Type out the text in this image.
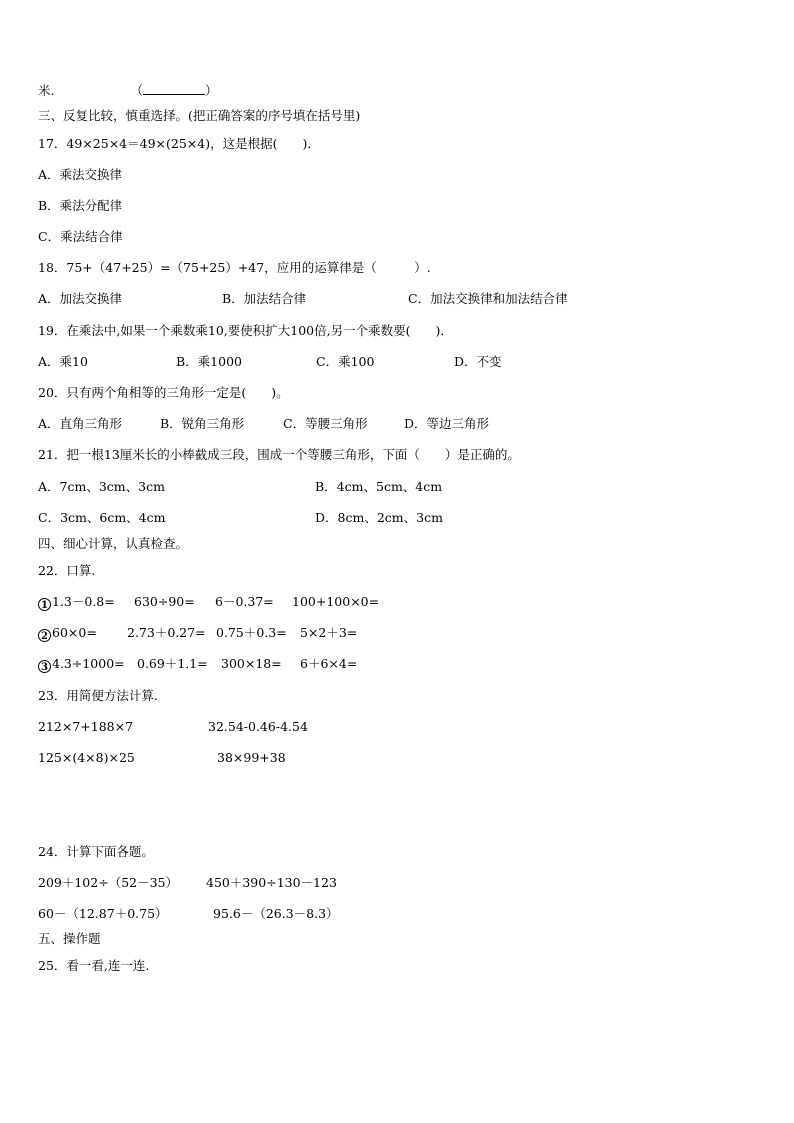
米.	（	）
三、反复比较，慎重选择。(把正确答案的序号填在括号里)
17．49×25×4＝49×(25×4)，这是根据(　　)．
A．乘法交换律
B．乘法分配律
C．乘法结合律
18．75+（47+25）=（75+25）+47，应用的运算律是（　　　）.
A．加法交换律	B．加法结合律	C．加法交换律和加法结合律
19．在乘法中,如果一个乘数乘10,要使积扩大100倍,另一个乘数要(　　)．
A．乘10	B．乘1000	C．乘100	D．不变
20．只有两个角相等的三角形一定是(　　)。
A．直角三角形	B．锐角三角形	C．等腰三角形	D．等边三角形
21．把一根13厘米长的小棒截成三段，围成一个等腰三角形，下面（　　）是正确的。
A．7cm、3cm、3cm	B．4cm、5cm、4cm
C．3cm、6cm、4cm	D．8cm、2cm、3cm
四、细心计算，认真检查。
22．口算.
1 1.3－0.8= 630÷90= 6－0.37= 100+100×0=
2 60×0= 2.73＋0.27= 0.75＋0.3= 5×2＋3=
3 4.3÷1000= 0.69＋1.1= 300×18= 6＋6×4=
23．用简便方法计算.
212×7+188×7	32.54-0.46-4.54
125×(4×8)×25	38×99+38
24．计算下面各题。
209＋102÷（52－35） 450＋390÷130－123
60－（12.87＋0.75）	95.6－（26.3－8.3）
五、操作题
25．看一看,连一连.
